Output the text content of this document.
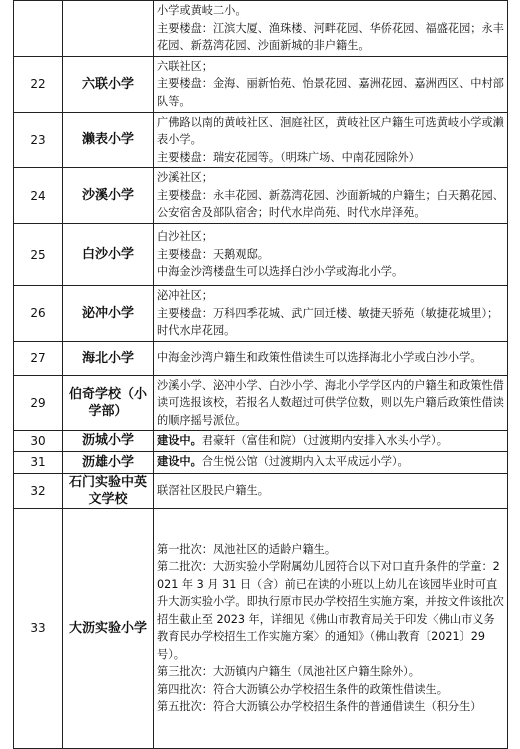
		小学或黄岐二小。
主要楼盘：江滨大厦、渔珠楼、河畔花园、华侨花园、福盛花园；永丰花园、新荔湾花园、沙面新城的非户籍生。

22	六联小学	六联社区；
主要楼盘：金海、丽新怡苑、怡景花园、嘉洲花园、嘉洲西区、中村部队等。

23	濑表小学	广佛路以南的黄岐社区、洄庭社区，黄岐社区户籍生可选黄岐小学或濑表小学。
主要楼盘：瑞安花园等。（明珠广场、中南花园除外）

24	沙溪小学	沙溪社区；
主要楼盘：永丰花园、新荔湾花园、沙面新城的户籍生；白天鹅花园、公安宿舍及部队宿舍；时代水岸尚苑、时代水岸泽苑。

25	白沙小学	白沙社区；
主要楼盘：天鹅观邸。
中海金沙湾楼盘生可以选择白沙小学或海北小学。

26	泌冲小学	泌冲社区；
主要楼盘：万科四季花城、武广回迁楼、敏捷天骄苑（敏捷花城里）；时代水岸花园。

27	海北小学	中海金沙湾户籍生和政策性借读生可以选择海北小学或白沙小学。

29	伯奇学校（小学部）	沙溪小学、泌冲小学、白沙小学、海北小学学区内的户籍生和政策性借读可选报该校，若报名人数超过可供学位数，则以先户籍后政策性借读的顺序摇号派位。

30	沥城小学	建设中。君豪轩（富佳和院）（过渡期内安排入水头小学）。

31	沥雄小学	建设中。合生悦公馆（过渡期内入太平成远小学）。

32	石门实验中英文学校	联滘社区股民户籍生。

33	大沥实验小学	第一批次：凤池社区的适龄户籍生。
第二批次：大沥实验小学附属幼儿园符合以下对口直升条件的学童：2021 年 3 月 31 日（含）前已在读的小班以上幼儿在该园毕业时可直升大沥实验小学。即执行原市民办学校招生实施方案，并按文件该批次招生截止至 2023 年，详细见《佛山市教育局关于印发〈佛山市义务教育民办学校招生工作实施方案〉的通知》（佛山教育〔2021〕29 号）。
第三批次：大沥镇内户籍生（凤池社区户籍生除外）。
第四批次：符合大沥镇公办学校招生条件的政策性借读生。
第五批次：符合大沥镇公办学校招生条件的普通借读生（积分生）
